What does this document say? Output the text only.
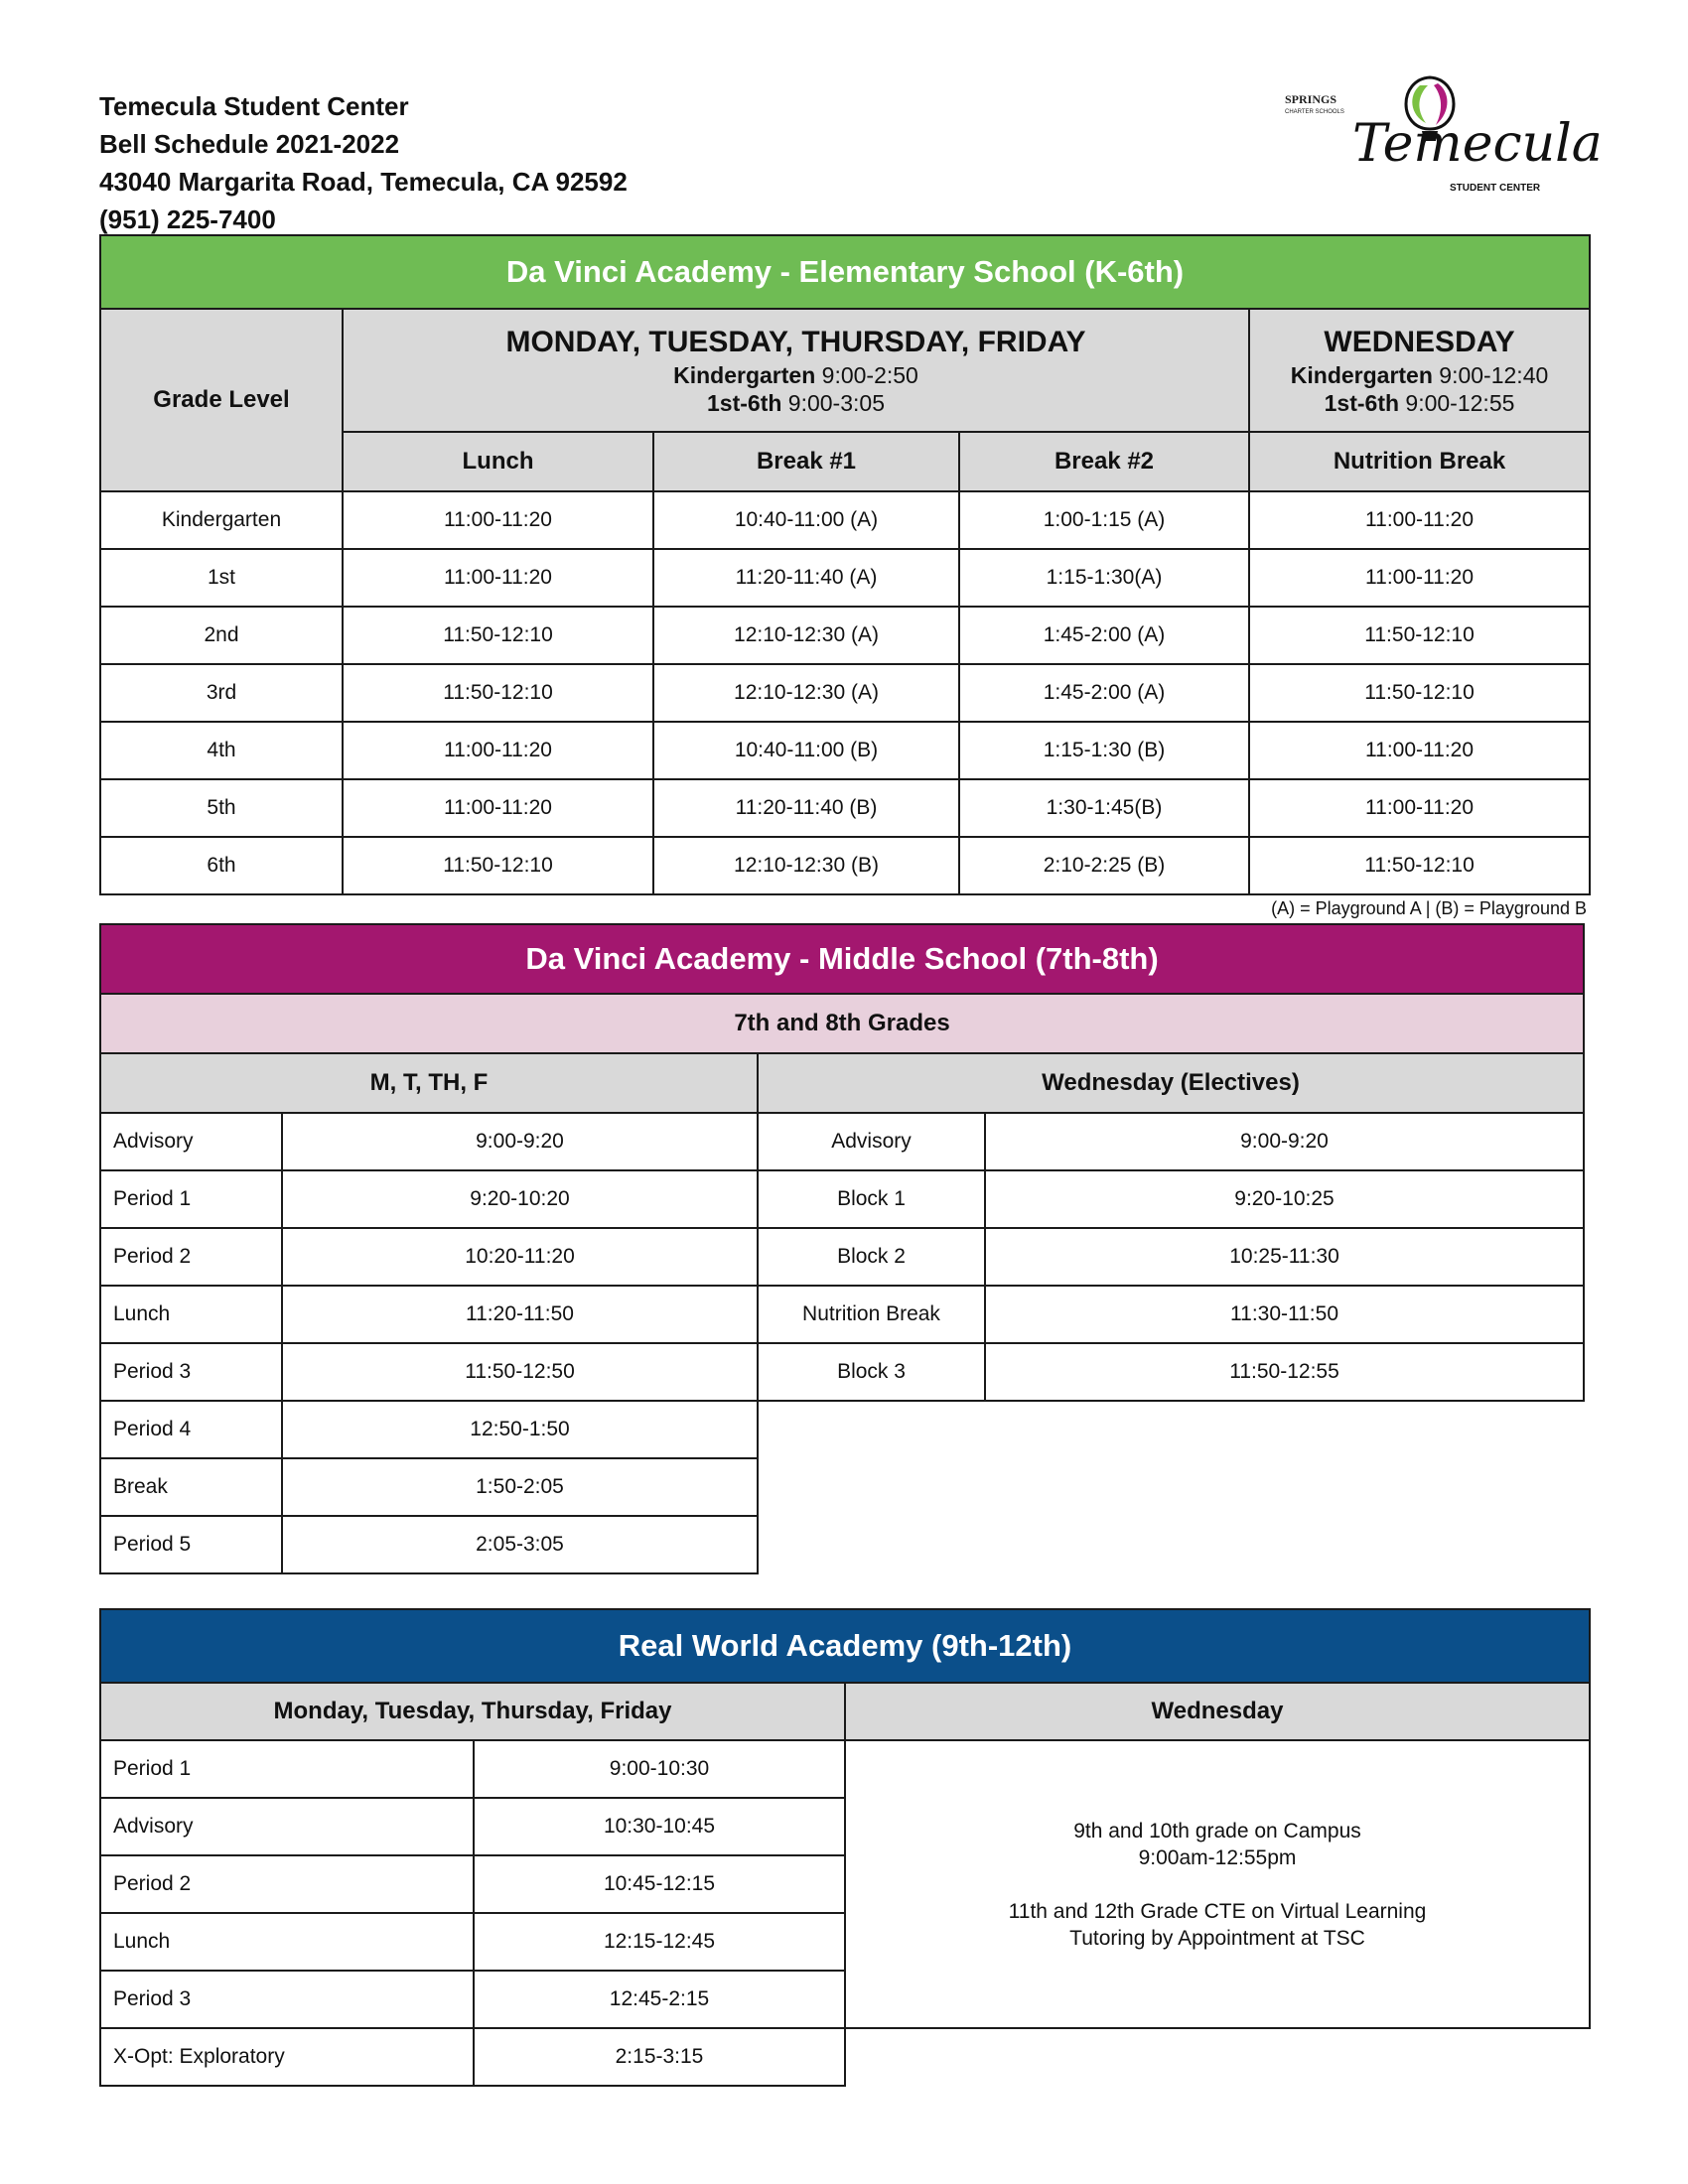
Temecula Student Center
Bell Schedule 2021-2022
43040 Margarita Road, Temecula, CA 92592
(951) 225-7400
SPRINGS
CHARTER SCHOOLS
Temecula
STUDENT CENTER
Da Vinci Academy - Elementary School (K-6th)				
Grade Level	MONDAY, TUESDAY, THURSDAY, FRIDAY
Kindergarten 9:00-2:50
1st-6th 9:00-3:05			WEDNESDAY
Kindergarten 9:00-12:40
1st-6th 9:00-12:55

	Lunch	Break #1	Break #2	Nutrition Break
Kindergarten	11:00-11:20	10:40-11:00 (A)	1:00-1:15 (A)	11:00-11:20
1st	11:00-11:20	11:20-11:40 (A)	1:15-1:30(A)	11:00-11:20
2nd	11:50-12:10	12:10-12:30 (A)	1:45-2:00 (A)	11:50-12:10
3rd	11:50-12:10	12:10-12:30 (A)	1:45-2:00 (A)	11:50-12:10
4th	11:00-11:20	10:40-11:00 (B)	1:15-1:30 (B)	11:00-11:20
5th	11:00-11:20	11:20-11:40 (B)	1:30-1:45(B)	11:00-11:20
6th	11:50-12:10	12:10-12:30 (B)	2:10-2:25 (B)	11:50-12:10
(A) = Playground A | (B) = Playground B
Da Vinci Academy - Middle School (7th-8th)			
7th and 8th Grades			
M, T, TH, F		Wednesday (Electives)	
Advisory	9:00-9:20	Advisory	9:00-9:20
Period 1	9:20-10:20	Block 1	9:20-10:25
Period 2	10:20-11:20	Block 2	10:25-11:30
Lunch	11:20-11:50	Nutrition Break	11:30-11:50
Period 3	11:50-12:50	Block 3	11:50-12:55
Period 4	12:50-1:50		
Break	1:50-2:05		
Period 5	2:05-3:05		
Real World Academy (9th-12th)		
Monday, Tuesday, Thursday, Friday		Wednesday
Period 1	9:00-10:30	9th and 10th grade on Campus
9:00am-12:55pm
11th and 12th Grade CTE on Virtual Learning
Tutoring by Appointment at TSC

Advisory	10:30-10:45	
Period 2	10:45-12:15	
Lunch	12:15-12:45	
Period 3	12:45-2:15	
X-Opt: Exploratory	2:15-3:15	
